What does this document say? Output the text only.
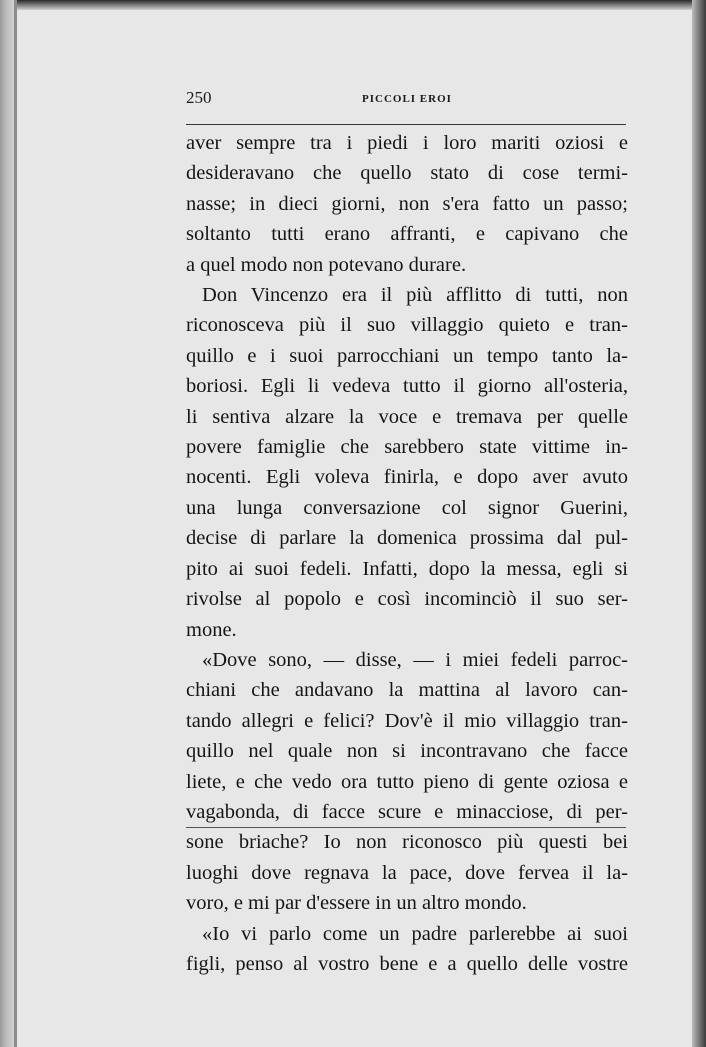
250	PICCOLI EROI
aver sempre tra i piedi i loro mariti oziosi e
desideravano che quello stato di cose termi-
nasse; in dieci giorni, non s'era fatto un passo;
soltanto tutti erano affranti, e capivano che
a quel modo non potevano durare.
Don Vincenzo era il più afflitto di tutti, non
riconosceva più il suo villaggio quieto e tran-
quillo e i suoi parrocchiani un tempo tanto la-
boriosi. Egli li vedeva tutto il giorno all'osteria,
li sentiva alzare la voce e tremava per quelle
povere famiglie che sarebbero state vittime in-
nocenti. Egli voleva finirla, e dopo aver avuto
una lunga conversazione col signor Guerini,
decise di parlare la domenica prossima dal pul-
pito ai suoi fedeli. Infatti, dopo la messa, egli si
rivolse al popolo e così incominciò il suo ser-
mone.
«Dove sono, — disse, — i miei fedeli parroc-
chiani che andavano la mattina al lavoro can-
tando allegri e felici? Dov'è il mio villaggio tran-
quillo nel quale non si incontravano che facce
liete, e che vedo ora tutto pieno di gente oziosa e
vagabonda, di facce scure e minacciose, di per-
sone briache? Io non riconosco più questi bei
luoghi dove regnava la pace, dove fervea il la-
voro, e mi par d'essere in un altro mondo.
«Io vi parlo come un padre parlerebbe ai suoi
figli, penso al vostro bene e a quello delle vostre
